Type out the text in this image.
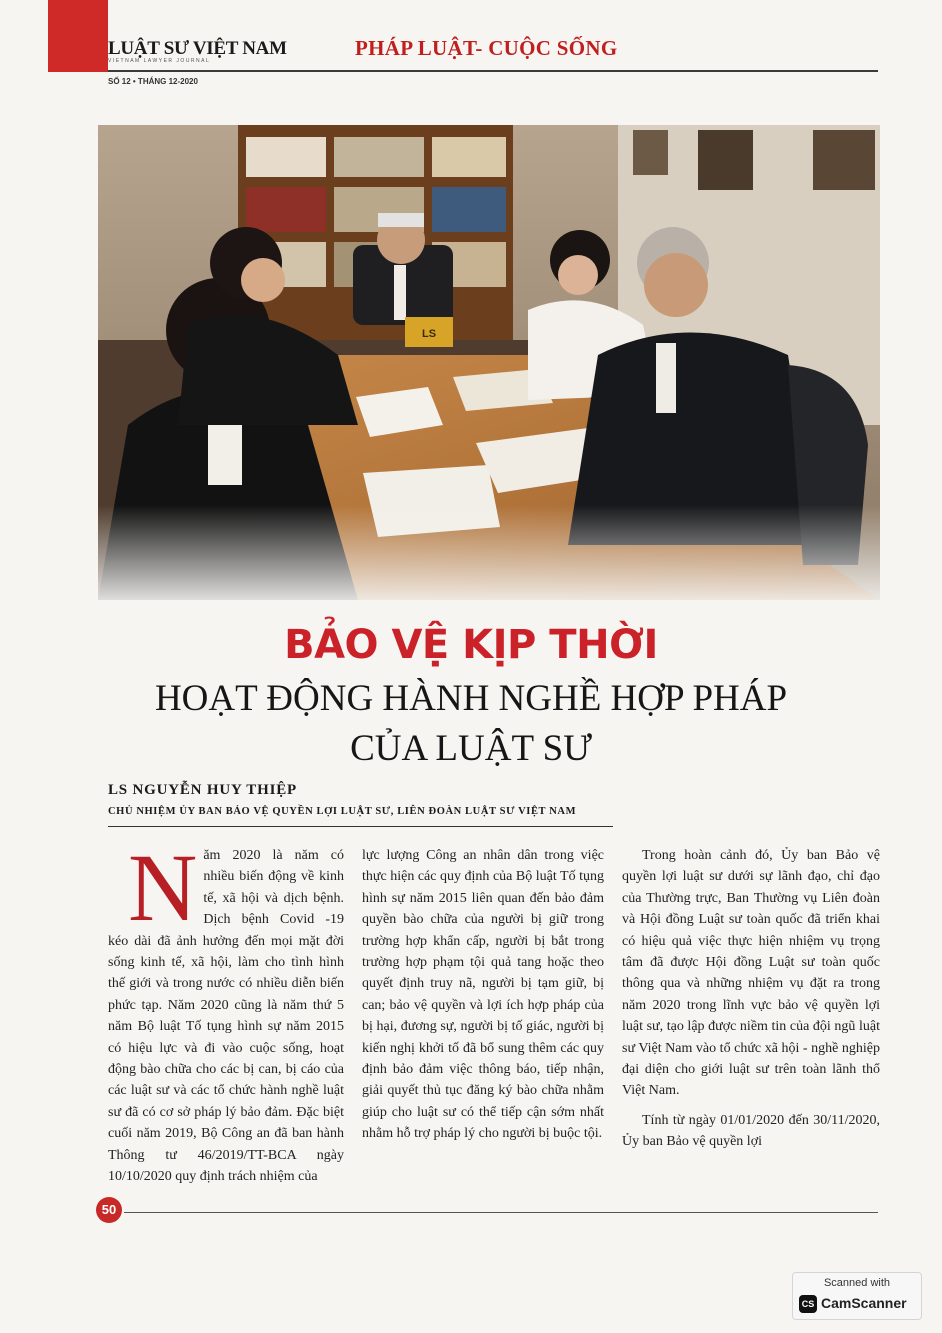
LUẬT SƯ VIỆT NAM
VIETNAM LAWYER JOURNAL
SỐ 12 • THÁNG 12-2020
PHÁP LUẬT- CUỘC SỐNG
BẢO VỆ KỊP THỜI
HOẠT ĐỘNG HÀNH NGHỀ HỢP PHÁP
CỦA LUẬT SƯ
LS NGUYỄN HUY THIỆP
CHỦ NHIỆM ỦY BAN BẢO VỆ QUYỀN LỢI LUẬT SƯ, LIÊN ĐOÀN LUẬT SƯ VIỆT NAM
N ăm 2020 là năm có nhiều biến động về kinh tế, xã hội và dịch bệnh. Dịch bệnh Covid -19 kéo dài đã ảnh hưởng đến mọi mặt đời sống kinh tế, xã hội, làm cho tình hình thế giới và trong nước có nhiều diễn biến phức tạp. Năm 2020 cũng là năm thứ 5 năm Bộ luật Tố tụng hình sự năm 2015 có hiệu lực và đi vào cuộc sống, hoạt động bào chữa cho các bị can, bị cáo của các luật sư và các tổ chức hành nghề luật sư đã có cơ sở pháp lý bảo đảm. Đặc biệt cuối năm 2019, Bộ Công an đã ban hành Thông tư 46/2019/TT-BCA ngày 10/10/2020 quy định trách nhiệm của

lực lượng Công an nhân dân trong việc thực hiện các quy định của Bộ luật Tố tụng hình sự năm 2015 liên quan đến bảo đảm quyền bào chữa của người bị giữ trong trường hợp khẩn cấp, người bị bắt trong trường hợp phạm tội quả tang hoặc theo quyết định truy nã, người bị tạm giữ, bị can; bảo vệ quyền và lợi ích hợp pháp của bị hại, đương sự, người bị tố giác, người bị kiến nghị khởi tố đã bổ sung thêm các quy định bảo đảm việc thông báo, tiếp nhận, giải quyết thủ tục đăng ký bào chữa nhằm giúp cho luật sư có thể tiếp cận sớm nhất nhằm hỗ trợ pháp lý cho người bị buộc tội.

Trong hoàn cảnh đó, Ủy ban Bảo vệ quyền lợi luật sư dưới sự lãnh đạo, chỉ đạo của Thường trực, Ban Thường vụ Liên đoàn và Hội đồng Luật sư toàn quốc đã triển khai có hiệu quả việc thực hiện nhiệm vụ trọng tâm đã được Hội đồng Luật sư toàn quốc thông qua và những nhiệm vụ đặt ra trong năm 2020 trong lĩnh vực bảo vệ quyền lợi luật sư, tạo lập được niềm tin của đội ngũ luật sư Việt Nam vào tổ chức xã hội - nghề nghiệp đại diện cho giới luật sư trên toàn lãnh thổ Việt Nam.

Tính từ ngày 01/01/2020 đến 30/11/2020, Ủy ban Bảo vệ quyền lợi

50
Scanned with
CS CamScanner
